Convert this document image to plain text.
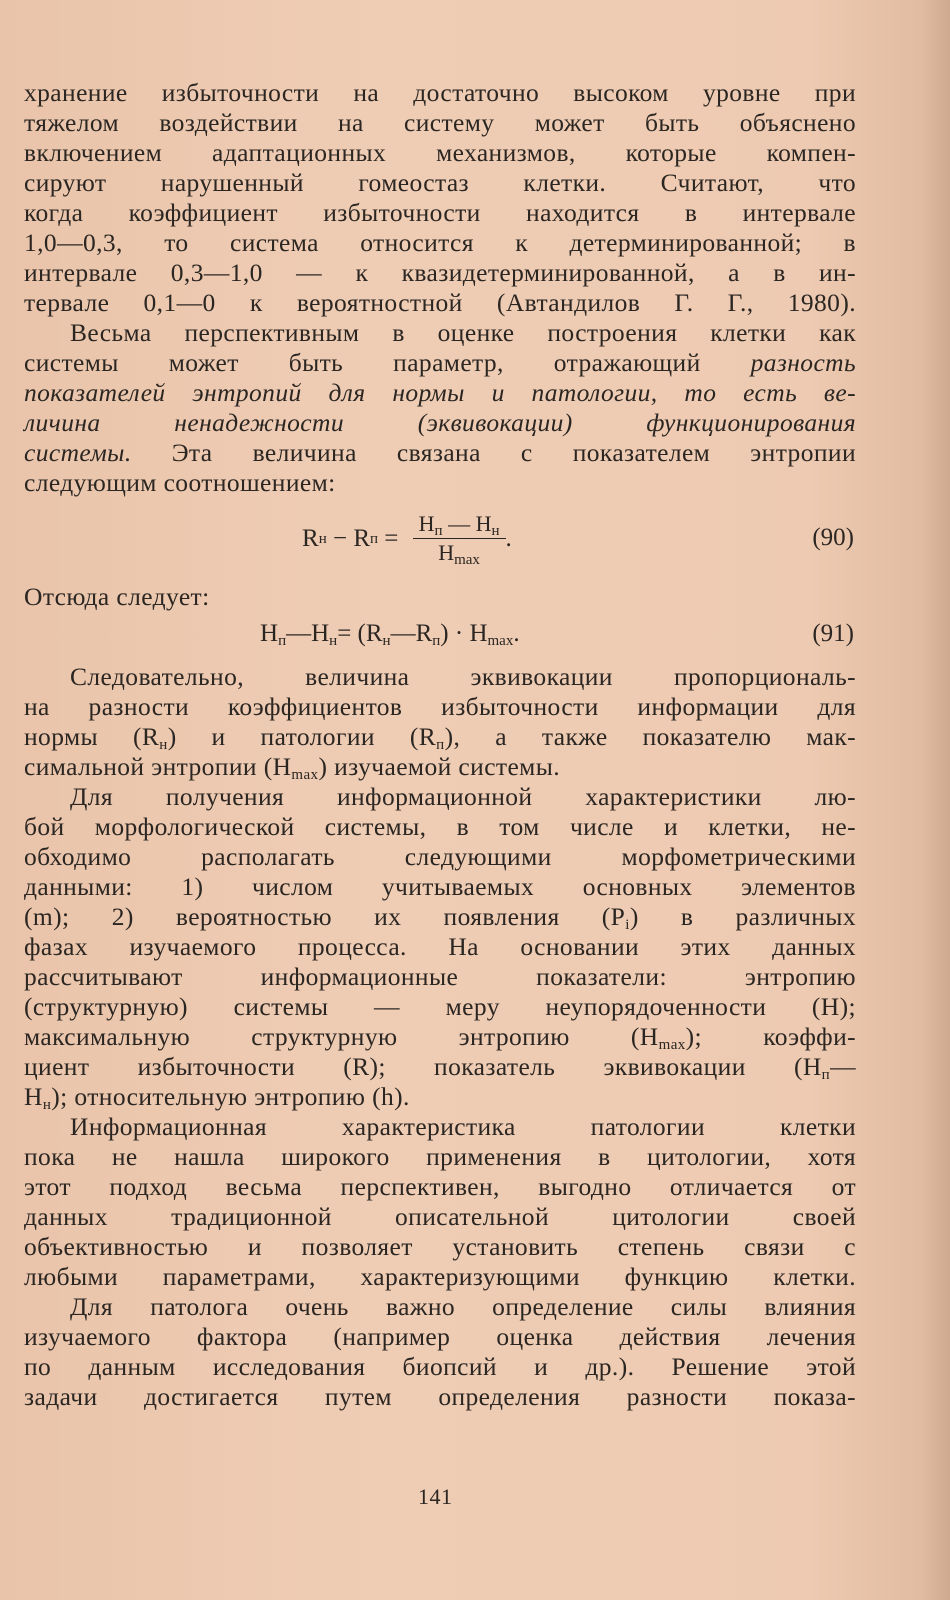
хранение избыточности на достаточно высоком уровне при
тяжелом воздействии на систему может быть объяснено
включением адаптационных механизмов, которые компен-
сируют нарушенный гомеостаз клетки. Считают, что
когда коэффициент избыточности находится в интервале
1,0—0,3, то система относится к детерминированной; в
интервале 0,3—1,0 — к квазидетерминированной, а в ин-
тервале 0,1—0 к вероятностной (Автандилов Г. Г., 1980).
Весьма перспективным в оценке построения клетки как
системы может быть параметр, отражающий разность
показателей энтропий для нормы и патологии, то есть ве-
личина ненадежности (эквивокации) функционирования
системы. Эта величина связана с показателем энтропии
следующим соотношением:
R н − R $п = \frac{H_п — H_н}{H_{max}}$ .	(90)
Отсюда следует:
$H_п—H_н=$ $(R_н—R_п) \cdot H_{max}$.	(91)
Следовательно, величина эквивокации пропорциональ-
на разности коэффициентов избыточности информации для
нормы $(R_н)$ и патологии $(R_п)$, а также показателю мак-
симальной энтропии $(H_{max})$ изучаемой системы.
Для получения информационной характеристики лю-
бой морфологической системы, в том числе и клетки, не-
обходимо располагать следующими морфометрическими
данными: 1) числом учитываемых основных элементов
(m); 2) вероятностью их появления $(P_i)$ в различных
фазах изучаемого процесса. На основании этих данных
рассчитывают информационные показатели: энтропию
(структурную) системы — меру неупорядоченности (H);
максимальную структурную энтропию $(H_{max})$; коэффи-
циент избыточности (R); показатель эквивокации ($H_п—$
$H_н$); относительную энтропию (h).
Информационная характеристика патологии клетки
пока не нашла широкого применения в цитологии, хотя
этот подход весьма перспективен, выгодно отличается от
данных традиционной описательной цитологии своей
объективностью и позволяет установить степень связи с
любыми параметрами, характеризующими функцию клетки.
Для патолога очень важно определение силы влияния
изучаемого фактора (например оценка действия лечения
по данным исследования биопсий и др.). Решение этой
задачи достигается путем определения разности показа-
141
